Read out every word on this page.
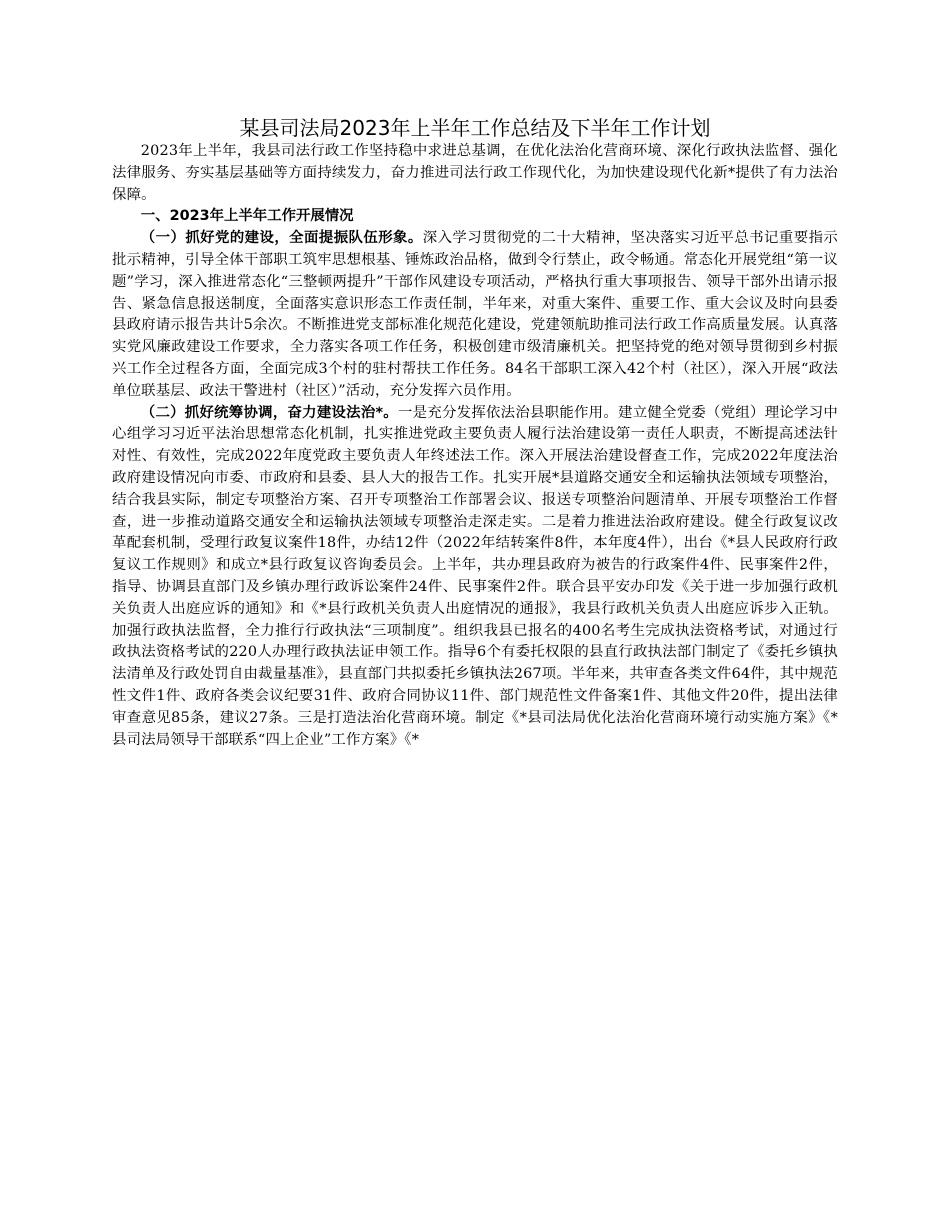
某县司法局2023年上半年工作总结及下半年工作计划

2023年上半年，我县司法行政工作坚持稳中求进总基调，在优化法治化营商环境、深化行政执法监督、强化法律服务、夯实基层基础等方面持续发力，奋力推进司法行政工作现代化，为加快建设现代化新*提供了有力法治保障。

一、2023年上半年工作开展情况

（一）抓好党的建设，全面提振队伍形象。深入学习贯彻党的二十大精神，坚决落实习近平总书记重要指示批示精神，引导全体干部职工筑牢思想根基、锤炼政治品格，做到令行禁止，政令畅通。常态化开展党组“第一议题”学习，深入推进常态化“三整顿两提升”干部作风建设专项活动，严格执行重大事项报告、领导干部外出请示报告、紧急信息报送制度，全面落实意识形态工作责任制，半年来，对重大案件、重要工作、重大会议及时向县委县政府请示报告共计5余次。不断推进党支部标准化规范化建设，党建领航助推司法行政工作高质量发展。认真落实党风廉政建设工作要求，全力落实各项工作任务，积极创建市级清廉机关。把坚持党的绝对领导贯彻到乡村振兴工作全过程各方面，全面完成3个村的驻村帮扶工作任务。84名干部职工深入42个村（社区），深入开展“政法单位联基层、政法干警进村（社区）”活动，充分发挥六员作用。

（二）抓好统筹协调，奋力建设法治*。一是充分发挥依法治县职能作用。建立健全党委（党组）理论学习中心组学习习近平法治思想常态化机制，扎实推进党政主要负责人履行法治建设第一责任人职责，不断提高述法针对性、有效性，完成2022年度党政主要负责人年终述法工作。深入开展法治建设督查工作，完成2022年度法治政府建设情况向市委、市政府和县委、县人大的报告工作。扎实开展*县道路交通安全和运输执法领域专项整治，结合我县实际，制定专项整治方案、召开专项整治工作部署会议、报送专项整治问题清单、开展专项整治工作督查，进一步推动道路交通安全和运输执法领域专项整治走深走实。二是着力推进法治政府建设。健全行政复议改革配套机制，受理行政复议案件18件，办结12件（2022年结转案件8件，本年度4件），出台《*县人民政府行政复议工作规则》和成立*县行政复议咨询委员会。上半年，共办理县政府为被告的行政案件4件、民事案件2件，指导、协调县直部门及乡镇办理行政诉讼案件24件、民事案件2件。联合县平安办印发《关于进一步加强行政机关负责人出庭应诉的通知》和《*县行政机关负责人出庭情况的通报》，我县行政机关负责人出庭应诉步入正轨。加强行政执法监督，全力推行行政执法“三项制度”。组织我县已报名的400名考生完成执法资格考试，对通过行政执法资格考试的220人办理行政执法证申领工作。指导6个有委托权限的县直行政执法部门制定了《委托乡镇执法清单及行政处罚自由裁量基准》，县直部门共拟委托乡镇执法267项。半年来，共审查各类文件64件，其中规范性文件1件、政府各类会议纪要31件、政府合同协议11件、部门规范性文件备案1件、其他文件20件，提出法律审查意见85条，建议27条。三是打造法治化营商环境。制定《*县司法局优化法治化营商环境行动实施方案》《*县司法局领导干部联系“四上企业”工作方案》《*
